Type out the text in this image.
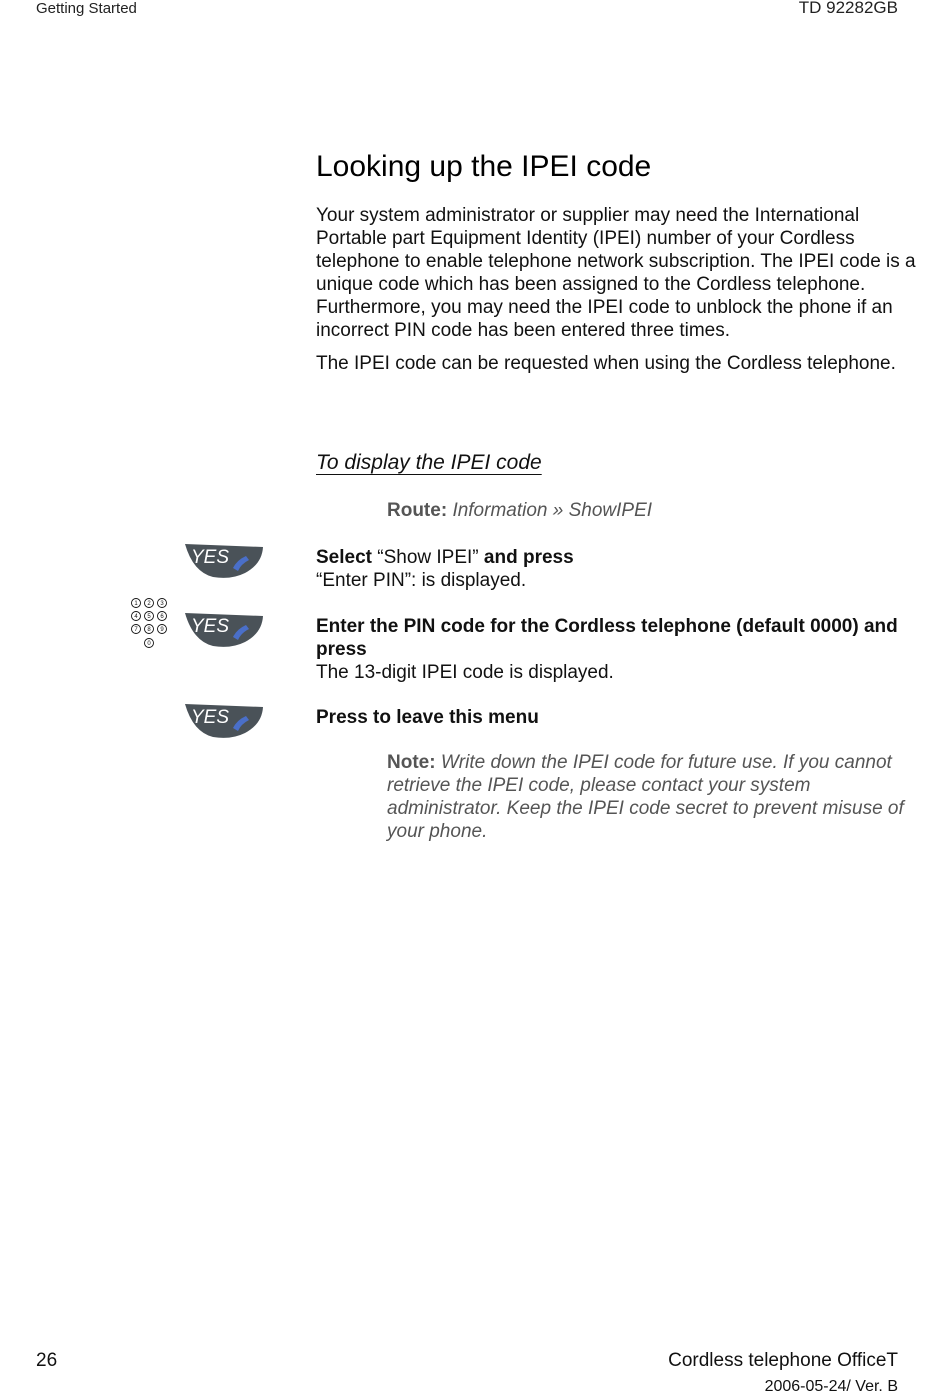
Getting Started	TD 92282GB
Looking up the IPEI code

Your system administrator or supplier may need the International Portable part Equipment Identity (IPEI) number of your Cordless telephone to enable telephone network subscription. The IPEI code is a unique code which has been assigned to the Cordless telephone. Furthermore, you may need the IPEI code to unblock the phone if an incorrect PIN code has been entered three times.

The IPEI code can be requested when using the Cordless telephone.

To display the IPEI code
Route: Information » ShowIPEI
YES	Select “Show IPEI” and press
“Enter PIN”: is displayed.
1 2 3
4 5 6
7 8 9
0
YES	Enter the PIN code for the Cordless telephone (default 0000) and press
The 13-digit IPEI code is displayed.
YES	Press to leave this menu
Note: Write down the IPEI code for future use. If you cannot retrieve the IPEI code, please contact your system administrator. Keep the IPEI code secret to prevent misuse of your phone.
26	Cordless telephone OfficeT
2006-05-24/ Ver. B
